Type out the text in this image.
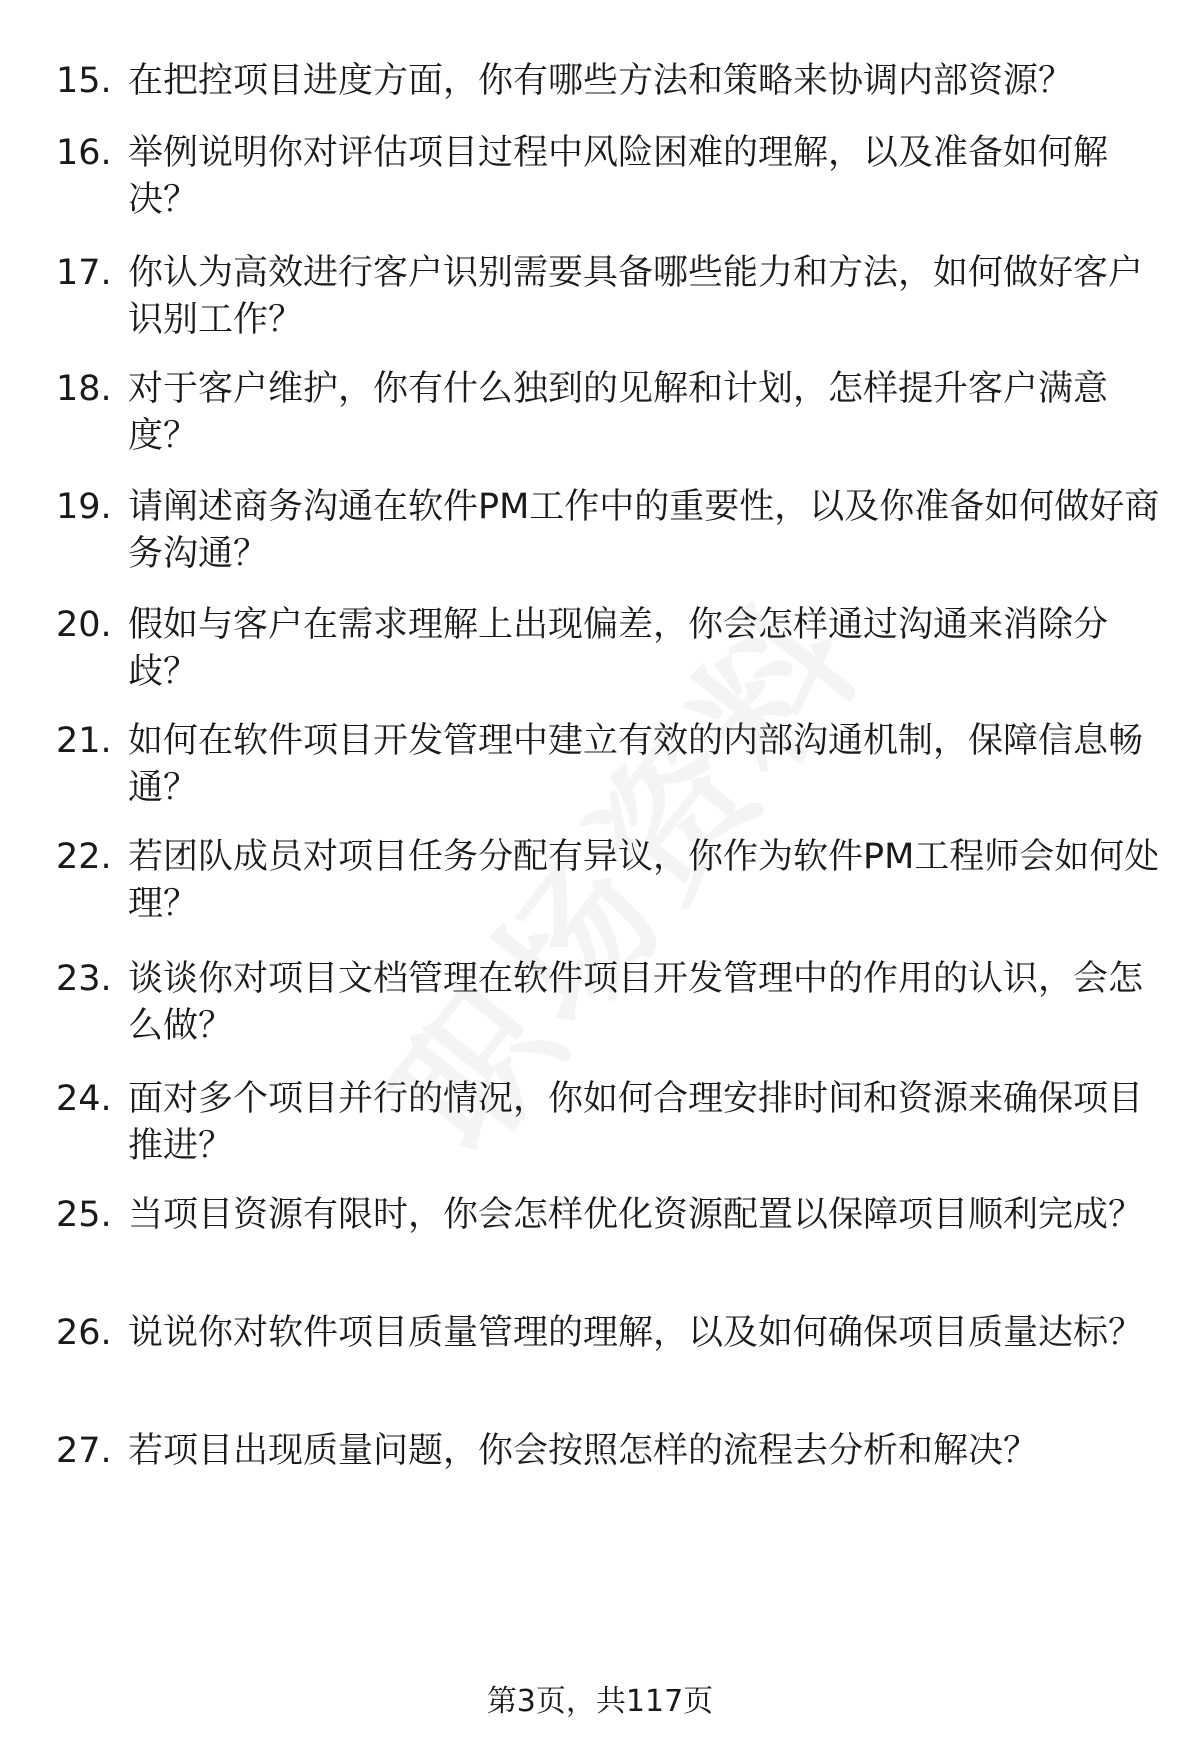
15. 在把控项目进度方面，你有哪些方法和策略来协调内部资源？
16. 举例说明你对评估项目过程中风险困难的理解，以及准备如何解决？
17. 你认为高效进行客户识别需要具备哪些能力和方法，如何做好客户识别工作？
18. 对于客户维护，你有什么独到的见解和计划，怎样提升客户满意度？
19. 请阐述商务沟通在软件PM工作中的重要性，以及你准备如何做好商务沟通？
20. 假如与客户在需求理解上出现偏差，你会怎样通过沟通来消除分歧？
21. 如何在软件项目开发管理中建立有效的内部沟通机制，保障信息畅通？
22. 若团队成员对项目任务分配有异议，你作为软件PM工程师会如何处理？
23. 谈谈你对项目文档管理在软件项目开发管理中的作用的认识，会怎么做？
24. 面对多个项目并行的情况，你如何合理安排时间和资源来确保项目推进？
25. 当项目资源有限时，你会怎样优化资源配置以保障项目顺利完成？
26. 说说你对软件项目质量管理的理解，以及如何确保项目质量达标？
27. 若项目出现质量问题，你会按照怎样的流程去分析和解决？
第3页，共117页
